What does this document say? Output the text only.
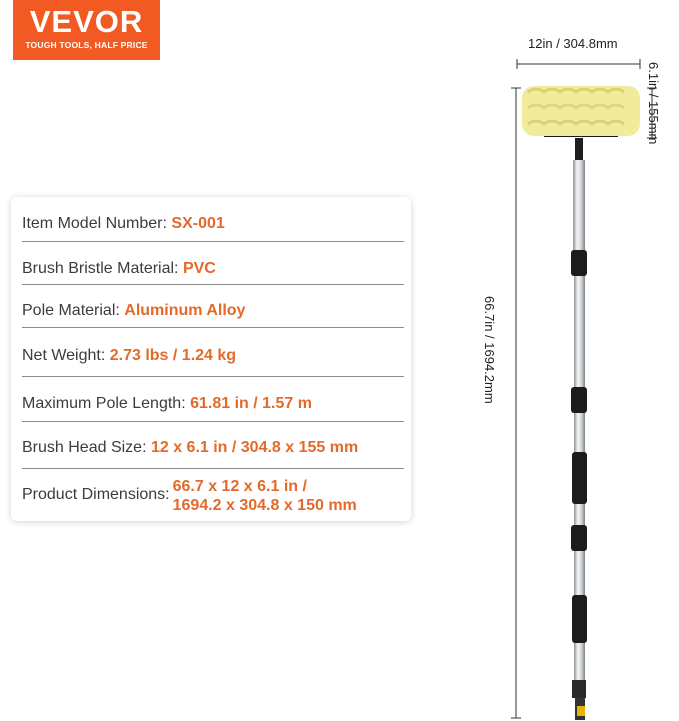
VEVOR
TOUGH TOOLS, HALF PRICE
Item Model Number: SX-001
Brush Bristle Material: PVC
Pole Material: Aluminum Alloy
Net Weight: 2.73 lbs / 1.24 kg
Maximum Pole Length: 61.81 in / 1.57 m
Brush Head Size: 12 x 6.1 in / 304.8 x 155 mm
Product Dimensions: 66.7 x 12 x 6.1 in /
1694.2 x 304.8 x 150 mm
12in / 304.8mm
6.1in / 155mm
66.7in / 1694.2mm
